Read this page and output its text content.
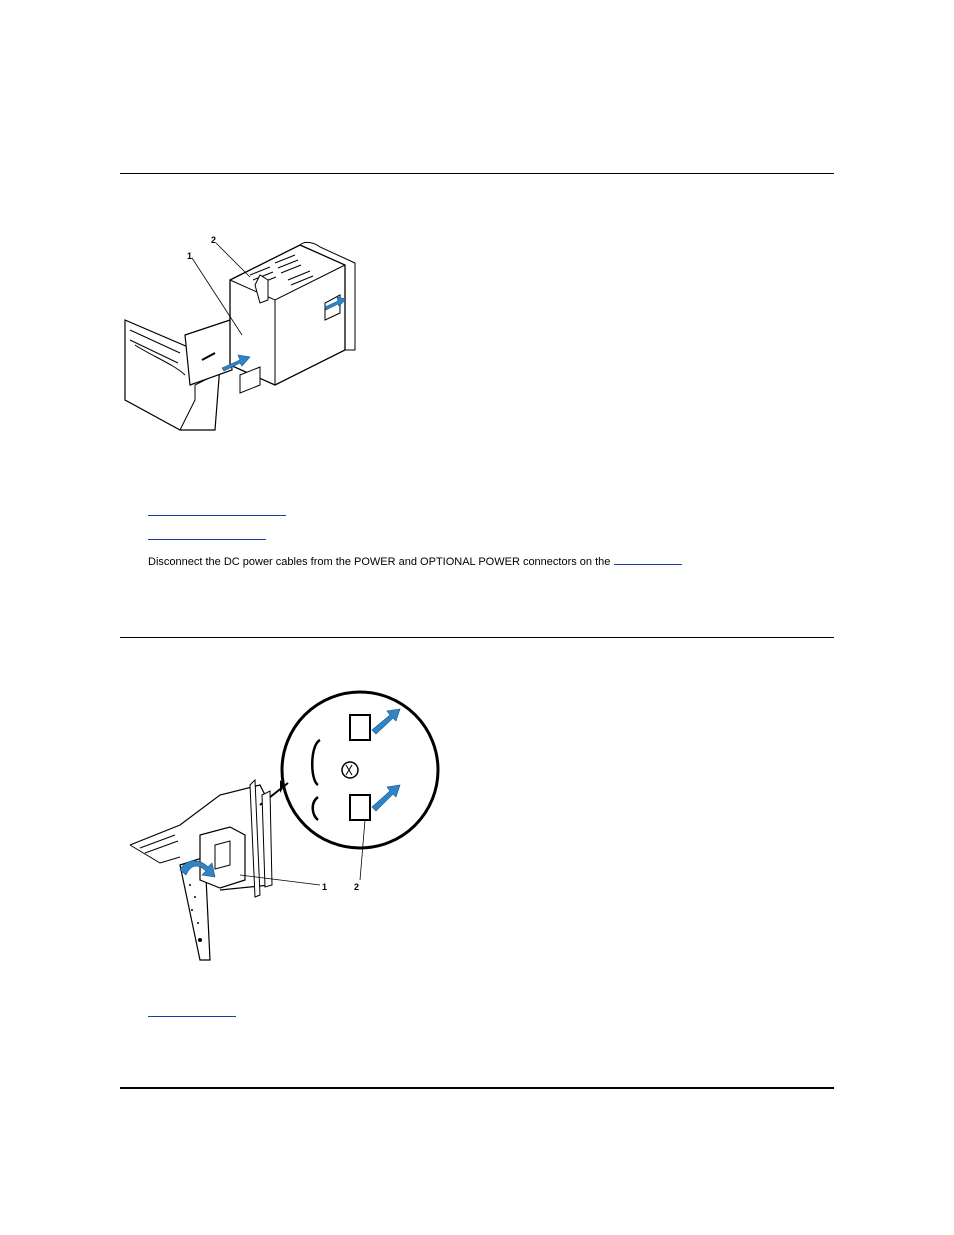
1
2
Disconnect the DC power cables from the POWER and OPTIONAL POWER connectors on the
1	2
